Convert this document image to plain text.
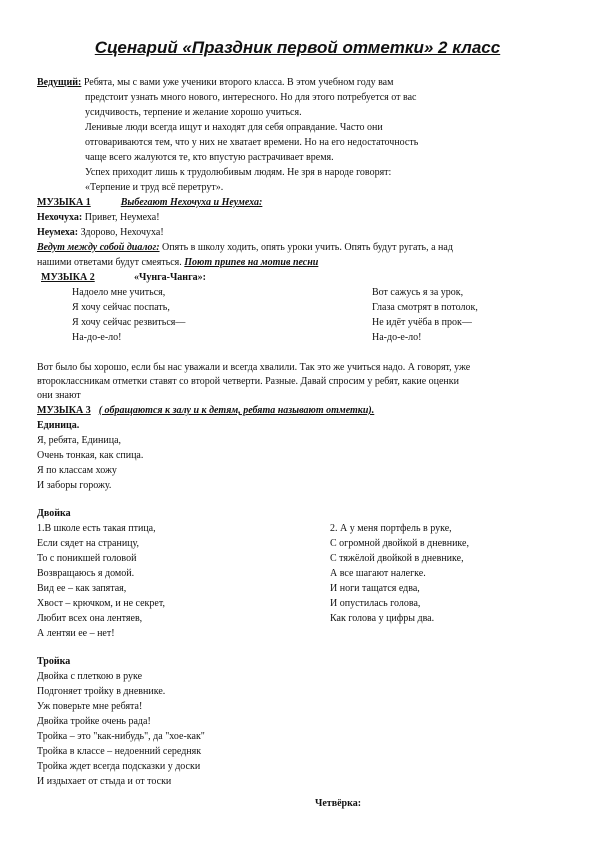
Сценарий «Праздник первой отметки» 2 класс
Ведущий: Ребята, мы с вами уже ученики второго класса. В этом учебном году вам
предстоит узнать много нового, интересного. Но для этого потребуется от вас
усидчивость, терпение и желание хорошо учиться.
Ленивые люди всегда ищут и находят для себя оправдание. Часто они
отговариваются тем, что у них не хватает времени. Но на его недостаточность
чаще всего жалуются те, кто впустую растрачивает время.
Успех приходит лишь к трудолюбивым людям. Не зря в народе говорят:
«Терпение и труд всё перетрут».
МУЗЫКА 1	Выбегают Нехочуха и Неумеха:
Нехочуха: Привет, Неумеха!
Неумеха: Здорово, Нехочуха!
Ведут между собой диалог: Опять в школу ходить, опять уроки учить. Опять будут ругать, а над
нашими ответами будут смеяться. Поют припев на мотив песни
МУЗЫКА 2	«Чунга-Чанга»:
Надоело мне учиться,
Я хочу сейчас поспать,
Я хочу сейчас резвиться—
На-до-е-ло!
Вот сажусь я за урок,
Глаза смотрят в потолок,
Не идёт учёба в прок—
На-до-е-ло!
Вот было бы хорошо, если бы нас уважали и всегда хвалили. Так это же учиться надо. А говорят, уже
второклассникам отметки ставят со второй четверти. Разные. Давай спросим у ребят, какие оценки
они знают
МУЗЫКА 3 ( обращаются к залу и к детям, ребята называют отметки).
Единица.
Я, ребята, Единица,
Очень тонкая, как спица.
Я по классам хожу
И заборы горожу.
Двойка
1.В школе есть такая птица,
Если сядет на страницу,
То с поникшей головой
Возвращаюсь я домой.
Вид ее – как запятая,
Хвост – крючком, и не секрет,
Любит всех она лентяев,
А лентяи ее – нет!
2. А у меня портфель в руке,
С огромной двойкой в дневнике,
С тяжёлой двойкой в дневнике,
А все шагают налегке.
И ноги тащатся едва,
И опустилась голова,
Как голова у цифры два.
Тройка
Двойка с плеткою в руке
Подгоняет тройку в дневнике.
Уж поверьте мне ребята!
Двойка тройке очень рада!
Тройка – это "как-нибудь", да "хое-как"
Тройка в классе – недоенний середняк
Тройка ждет всегда подсказки у доски
И издыхает от стыда и от тоски
Четвёрка:
